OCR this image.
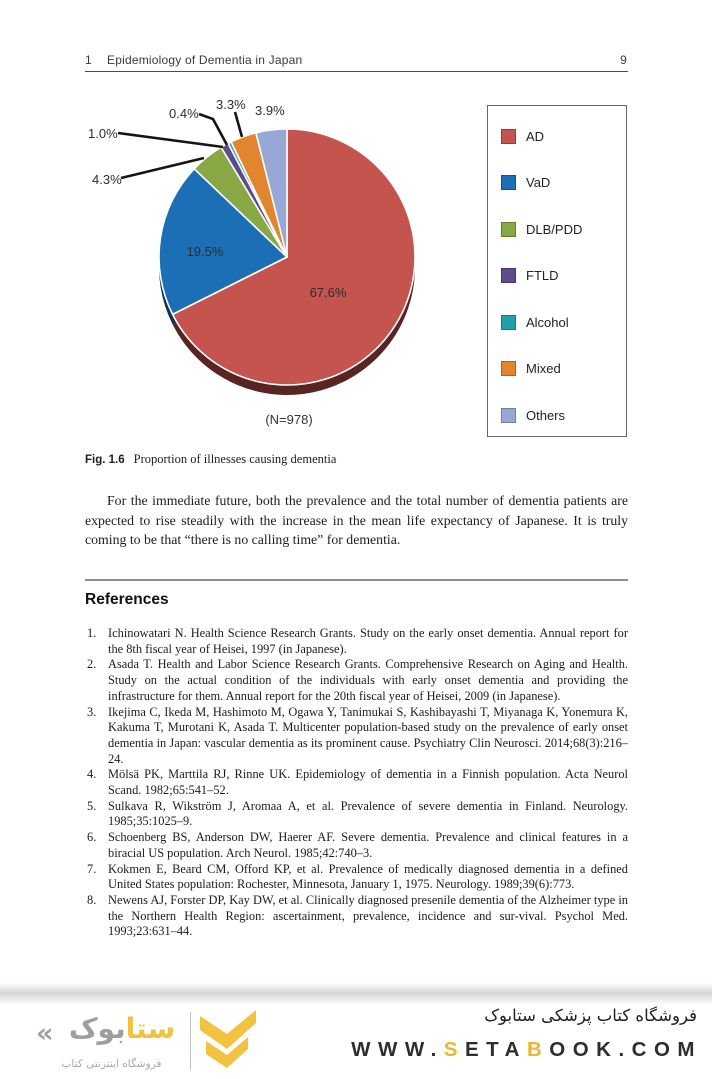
1 Epidemiology of Dementia in Japan	9
67.6%
19.5%
4.3%
1.0%
0.4%
3.3% 3.9%
(N=978)
AD
VaD
DLB/PDD
FTLD
Alcohol
Mixed
Others
Fig. 1.6 Proportion of illnesses causing dementia

For the immediate future, both the prevalence and the total number of dementia patients are expected to rise steadily with the increase in the mean life expectancy of Japanese. It is truly coming to be that “there is no calling time” for dementia.

References
1. Ichinowatari N. Health Science Research Grants. Study on the early onset dementia. Annual report for the 8th fiscal year of Heisei, 1997 (in Japanese).
2. Asada T. Health and Labor Science Research Grants. Comprehensive Research on Aging and Health. Study on the actual condition of the individuals with early onset dementia and providing the infrastructure for them. Annual report for the 20th fiscal year of Heisei, 2009 (in Japanese).
3. Ikejima C, Ikeda M, Hashimoto M, Ogawa Y, Tanimukai S, Kashibayashi T, Miyanaga K, Yonemura K, Kakuma T, Murotani K, Asada T. Multicenter population-based study on the prevalence of early onset dementia in Japan: vascular dementia as its prominent cause. Psychiatry Clin Neurosci. 2014;68(3):216–24.
4. Mölsä PK, Marttila RJ, Rinne UK. Epidemiology of dementia in a Finnish population. Acta Neurol Scand. 1982;65:541–52.
5. Sulkava R, Wikström J, Aromaa A, et al. Prevalence of severe dementia in Finland. Neurology. 1985;35:1025–9.
6. Schoenberg BS, Anderson DW, Haerer AF. Severe dementia. Prevalence and clinical features in a biracial US population. Arch Neurol. 1985;42:740–3.
7. Kokmen E, Beard CM, Offord KP, et al. Prevalence of medically diagnosed dementia in a defined United States population: Rochester, Minnesota, January 1, 1975. Neurology. 1989;39(6):773.
8. Newens AJ, Forster DP, Kay DW, et al. Clinically diagnosed presenile dementia of the Alzheimer type in the Northern Health Region: ascertainment, prevalence, incidence and sur-vival. Psychol Med. 1993;23:631–44.
«	ستابوک
فروشگاه اینترنتی کتاب
فروشگاه کتاب پزشکی ستابوک
WWW.SETABOOK.COM
